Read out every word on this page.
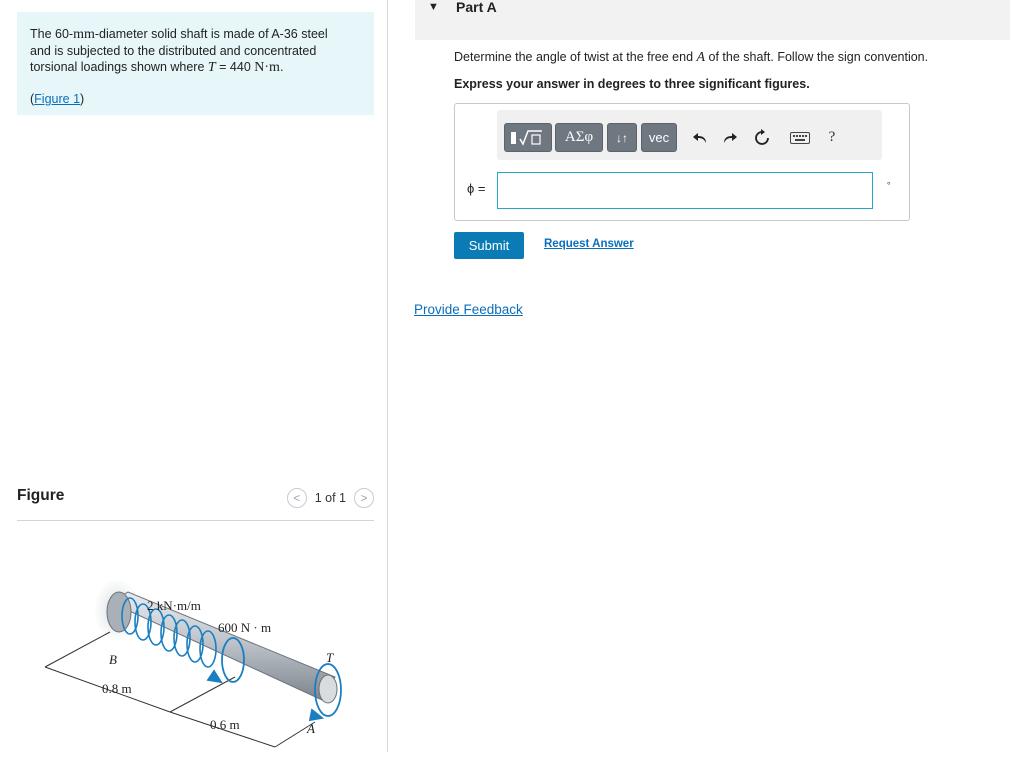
The 60-mm-diameter solid shaft is made of A-36 steel
and is subjected to the distributed and concentrated
torsional loadings shown where T = 440 N·m.

(Figure 1)
Figure	< 1 of 1 >
2 kN·m/m
600 N · m
B	T
A
0.8 m
0.6 m
▼ Part A
Determine the angle of twist at the free end A of the shaft. Follow the sign convention.
Express your answer in degrees to three significant figures.
ΑΣφ ↓↑ vec	?
ϕ =	∘
Submit	Request Answer
Provide Feedback
